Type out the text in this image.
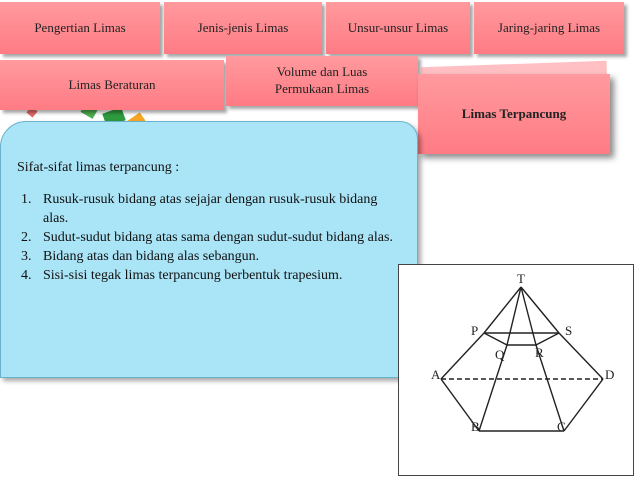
Pengertian Limas	Jenis-jenis Limas	Unsur-unsur Limas	Jaring-jaring Limas
Limas Beraturan
Volume dan Luas Permukaan Limas
Limas Terpancung

Sifat-sifat limas terpancung :

1. Rusuk-rusuk bidang atas sejajar dengan rusuk-rusuk bidang alas.
2. Sudut-sudut bidang atas sama dengan sudut-sudut bidang alas.
3. Bidang atas dan bidang alas sebangun.
4. Sisi-sisi tegak limas terpancung berbentuk trapesium.	T
P	S
Q R
A	D
B	C
